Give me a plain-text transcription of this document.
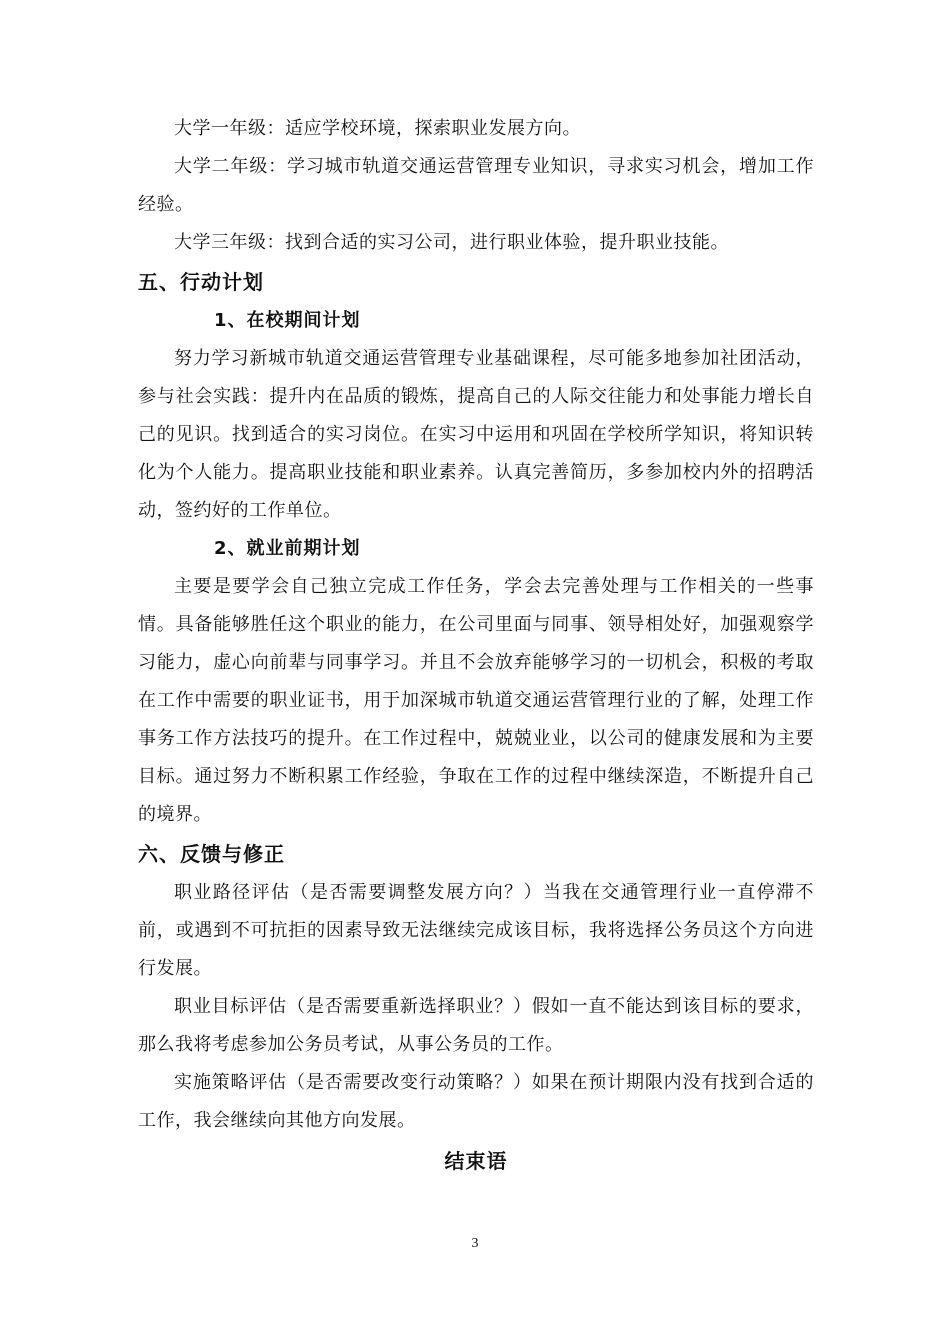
大学一年级：适应学校环境，探索职业发展方向。

大学二年级：学习城市轨道交通运营管理专业知识，寻求实习机会，增加工作经验。

大学三年级：找到合适的实习公司，进行职业体验，提升职业技能。

五、行动计划
1、在校期间计划

努力学习新城市轨道交通运营管理专业基础课程，尽可能多地参加社团活动，参与社会实践：提升内在品质的锻炼，提高自己的人际交往能力和处事能力增长自己的见识。找到适合的实习岗位。在实习中运用和巩固在学校所学知识，将知识转化为个人能力。提高职业技能和职业素养。认真完善简历，多参加校内外的招聘活动，签约好的工作单位。

2、就业前期计划

主要是要学会自己独立完成工作任务，学会去完善处理与工作相关的一些事情。具备能够胜任这个职业的能力，在公司里面与同事、领导相处好，加强观察学习能力，虚心向前辈与同事学习。并且不会放弃能够学习的一切机会，积极的考取在工作中需要的职业证书，用于加深城市轨道交通运营管理行业的了解，处理工作事务工作方法技巧的提升。在工作过程中，兢兢业业，以公司的健康发展和为主要目标。通过努力不断积累工作经验，争取在工作的过程中继续深造，不断提升自己的境界。

六、反馈与修正

职业路径评估（是否需要调整发展方向？）当我在交通管理行业一直停滞不前，或遇到不可抗拒的因素导致无法继续完成该目标，我将选择公务员这个方向进行发展。

职业目标评估（是否需要重新选择职业？）假如一直不能达到该目标的要求，那么我将考虑参加公务员考试，从事公务员的工作。

实施策略评估（是否需要改变行动策略？）如果在预计期限内没有找到合适的工作，我会继续向其他方向发展。

结束语
3
